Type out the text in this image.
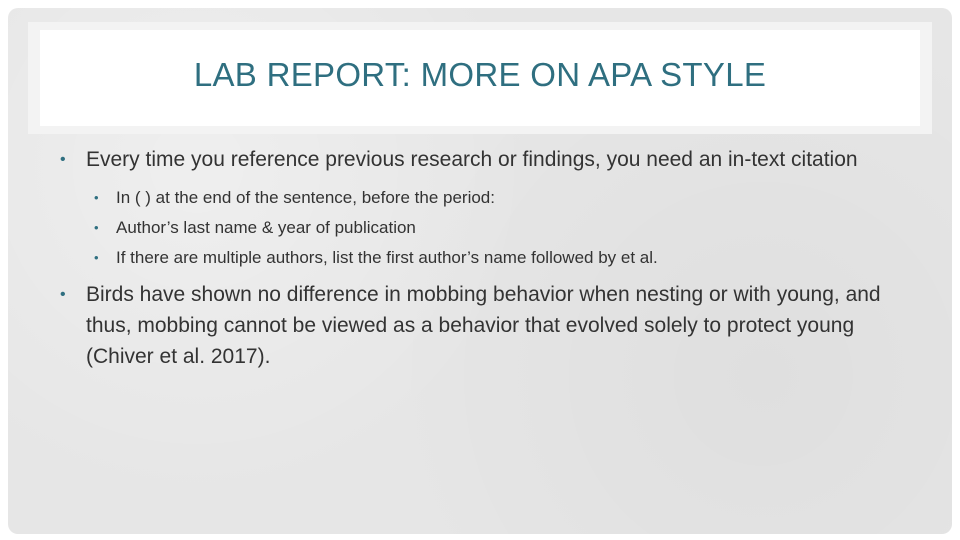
LAB REPORT: MORE ON APA STYLE
• Every time you reference previous research or findings, you need an in-text citation
• In ( ) at the end of the sentence, before the period:
• Author’s last name & year of publication
• If there are multiple authors, list the first author’s name followed by et al.
• Birds have shown no difference in mobbing behavior when nesting or with young, and thus, mobbing cannot be viewed as a behavior that evolved solely to protect young (Chiver et al. 2017).
